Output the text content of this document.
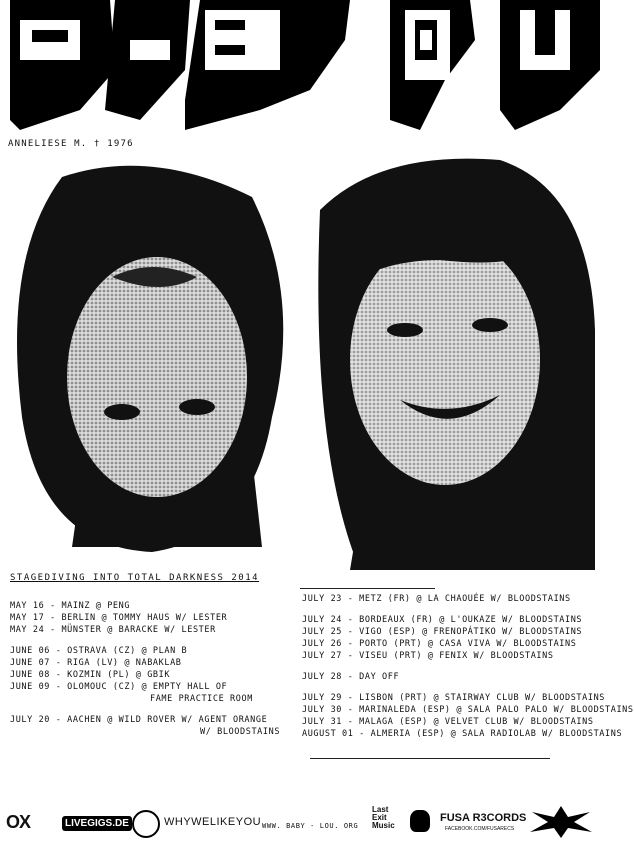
ANNELIESE M. † 1976
STAGEDIVING INTO TOTAL DARKNESS 2014
MAY 16 - MAINZ @ PENG
MAY 17 - BERLIN @ TOMMY HAUS W/ LESTER
MAY 24 - MÜNSTER @ BARACKE W/ LESTER
JUNE 06 - OSTRAVA (CZ) @ PLAN B
JUNE 07 - RIGA (LV) @ NABAKLAB
JUNE 08 - KOZMIN (PL) @ GBIK
JUNE 09 - OLOMOUC (CZ) @ EMPTY HALL OF
FAME PRACTICE ROOM
JULY 20 - AACHEN @ WILD ROVER W/ AGENT ORANGE
W/ BLOODSTAINS
JULY 23 - METZ (FR) @ LA CHAOUÉE W/ BLOODSTAINS
JULY 24 - BORDEAUX (FR) @ L'OUKAZE W/ BLOODSTAINS
JULY 25 - VIGO (ESP) @ FRENOPÁTIKO W/ BLOODSTAINS
JULY 26 - PORTO (PRT) @ CASA VIVA W/ BLOODSTAINS
JULY 27 - VISEU (PRT) @ FENIX W/ BLOODSTAINS
JULY 28 - DAY OFF
JULY 29 - LISBON (PRT) @ STAIRWAY CLUB W/ BLOODSTAINS
JULY 30 - MARINALEDA (ESP) @ SALA PALO PALO W/ BLOODSTAINS
JULY 31 - MALAGA (ESP) @ VELVET CLUB W/ BLOODSTAINS
AUGUST 01 - ALMERIA (ESP) @ SALA RADIOLAB W/ BLOODSTAINS
OX	LIVEGIGS.DE	WHYWELIKEYOU WWW. BABY - LOU. ORG
Last
Exit
Music
FUSA R3CORDS
FACEBOOK.COM/FUSARECS
